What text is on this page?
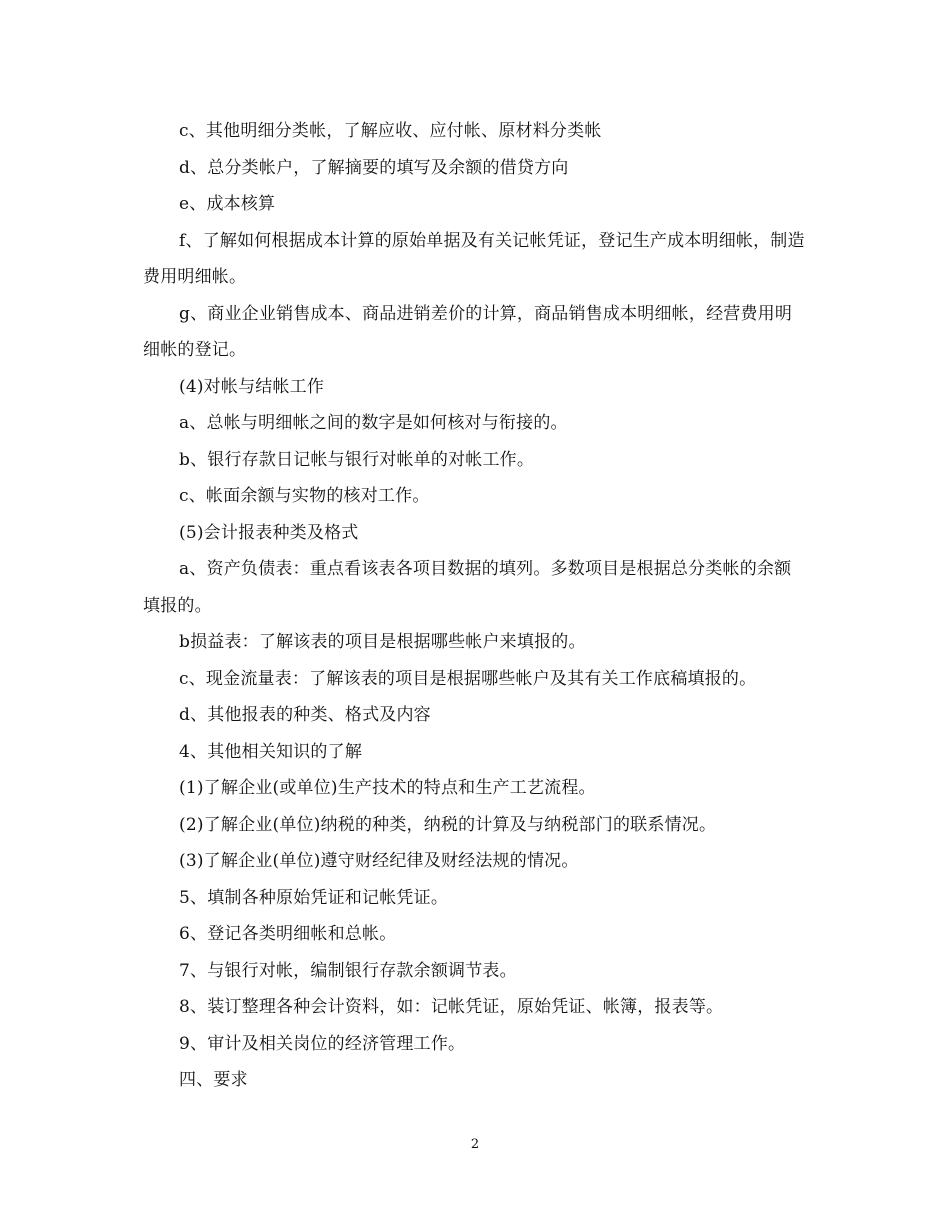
c、其他明细分类帐，了解应收、应付帐、原材料分类帐

d、总分类帐户，了解摘要的填写及余额的借贷方向

e、成本核算

f、了解如何根据成本计算的原始单据及有关记帐凭证，登记生产成本明细帐，制造费用明细帐。

g、商业企业销售成本、商品进销差价的计算，商品销售成本明细帐，经营费用明细帐的登记。

(4)对帐与结帐工作

a、总帐与明细帐之间的数字是如何核对与衔接的。

b、银行存款日记帐与银行对帐单的对帐工作。

c、帐面余额与实物的核对工作。

(5)会计报表种类及格式

a、资产负债表：重点看该表各项目数据的填列。多数项目是根据总分类帐的余额填报的。

b损益表：了解该表的项目是根据哪些帐户来填报的。

c、现金流量表：了解该表的项目是根据哪些帐户及其有关工作底稿填报的。

d、其他报表的种类、格式及内容

4、其他相关知识的了解

(1)了解企业(或单位)生产技术的特点和生产工艺流程。

(2)了解企业(单位)纳税的种类，纳税的计算及与纳税部门的联系情况。

(3)了解企业(单位)遵守财经纪律及财经法规的情况。

5、填制各种原始凭证和记帐凭证。

6、登记各类明细帐和总帐。

7、与银行对帐，编制银行存款余额调节表。

8、装订整理各种会计资料，如：记帐凭证，原始凭证、帐簿，报表等。

9、审计及相关岗位的经济管理工作。

四、要求

2
